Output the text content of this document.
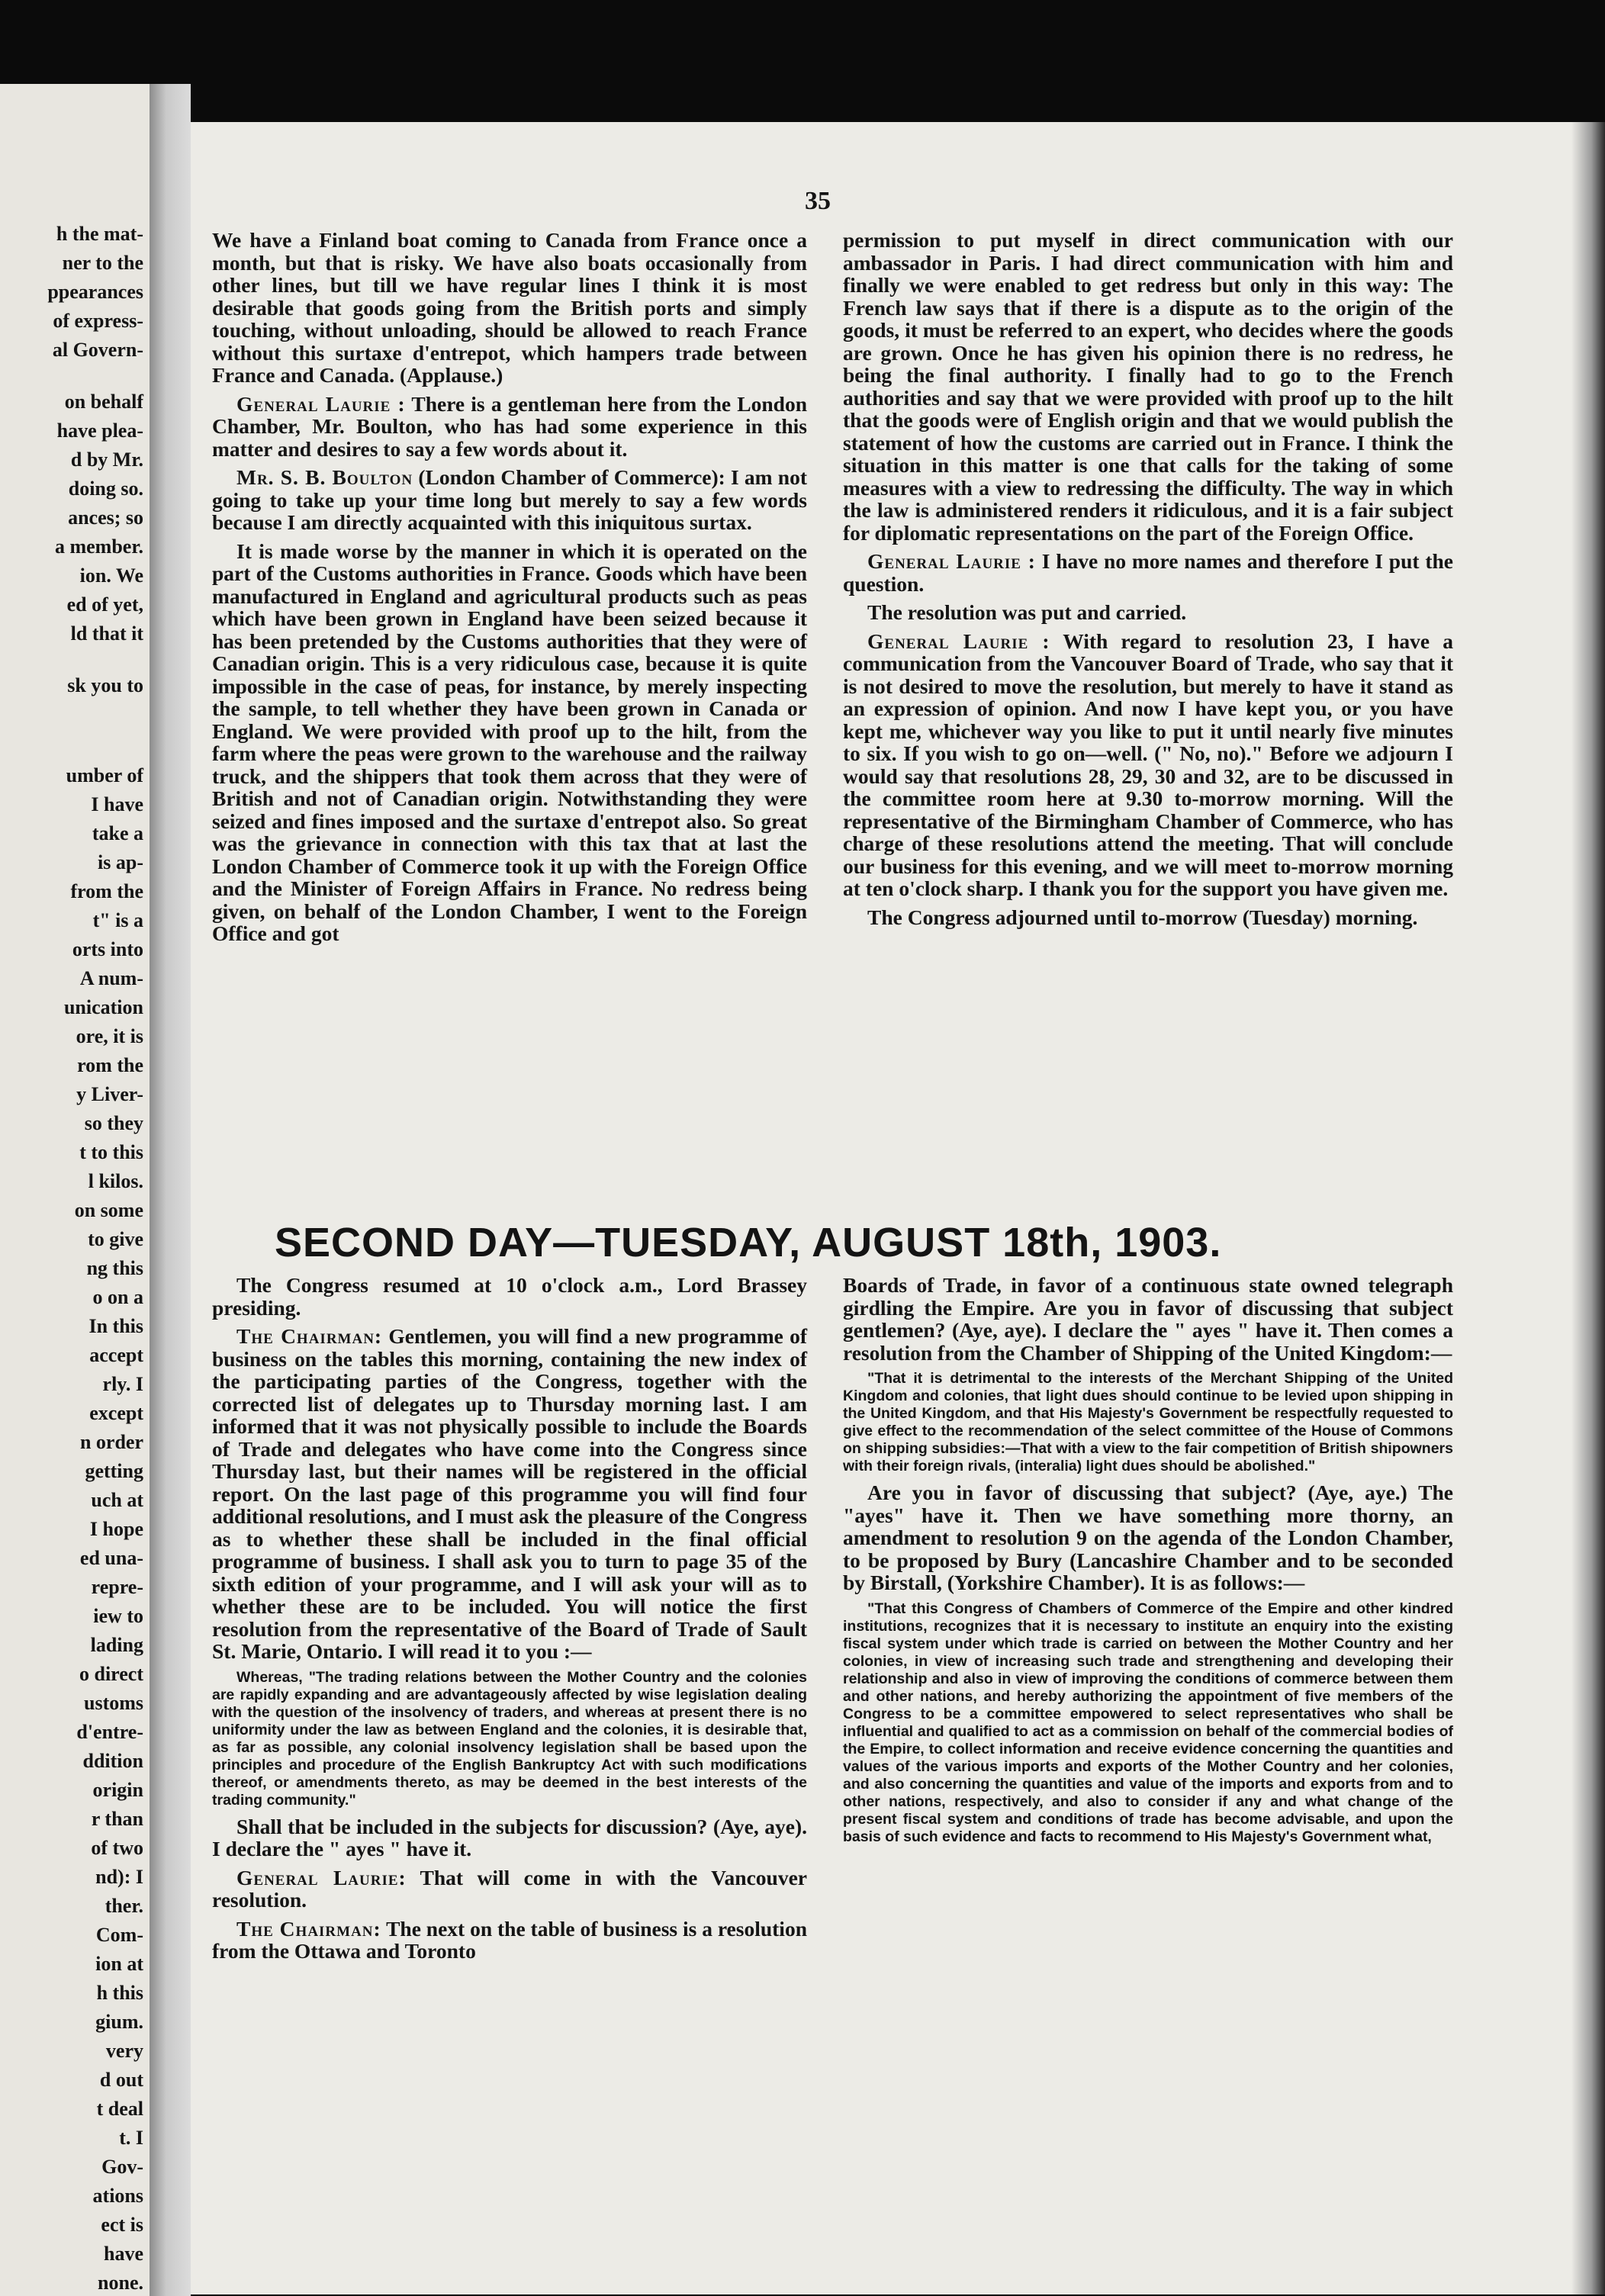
h the mat-
ner to the
ppearances
of express-
al Govern-
on behalf
have plea-
d by Mr.
doing so.
ances; so
a member.
ion. We
ed of yet,
ld that it
sk you to
umber of
I have
take a
is ap-
from the
t" is a
orts into
A num-
unication
ore, it is
rom the
y Liver-
so they
t to this
l kilos.
on some
to give
ng this
o on a
In this
accept
rly. I
except
n order
getting
uch at
I hope
ed una-
repre-
iew to
lading
o direct
ustoms
d'entre-
ddition
origin
r than
of two
nd): I
ther.
Com-
ion at
h this
gium.
very
d out
t deal
t. I
Gov-
ations
ect is
have
none.
35

We have a Finland boat coming to Canada from France once a month, but that is risky. We have also boats occasionally from other lines, but till we have regular lines I think it is most desirable that goods going from the British ports and simply touching, without unloading, should be allowed to reach France without this surtaxe d'entrepot, which hampers trade between France and Canada. (Applause.)

General Laurie : There is a gentleman here from the London Chamber, Mr. Boulton, who has had some experience in this matter and desires to say a few words about it.

Mr. S. B. Boulton (London Chamber of Commerce): I am not going to take up your time long but merely to say a few words because I am directly acquainted with this iniquitous surtax.

It is made worse by the manner in which it is operated on the part of the Customs authorities in France. Goods which have been manufactured in England and agricultural products such as peas which have been grown in England have been seized because it has been pretended by the Customs authorities that they were of Canadian origin. This is a very ridiculous case, because it is quite impossible in the case of peas, for instance, by merely inspecting the sample, to tell whether they have been grown in Canada or England. We were provided with proof up to the hilt, from the farm where the peas were grown to the warehouse and the railway truck, and the shippers that took them across that they were of British and not of Canadian origin. Notwithstanding they were seized and fines imposed and the surtaxe d'entrepot also. So great was the grievance in connection with this tax that at last the London Chamber of Commerce took it up with the Foreign Office and the Minister of Foreign Affairs in France. No redress being given, on behalf of the London Chamber, I went to the Foreign Office and got

permission to put myself in direct communication with our ambassador in Paris. I had direct communication with him and finally we were enabled to get redress but only in this way: The French law says that if there is a dispute as to the origin of the goods, it must be referred to an expert, who decides where the goods are grown. Once he has given his opinion there is no redress, he being the final authority. I finally had to go to the French authorities and say that we were provided with proof up to the hilt that the goods were of English origin and that we would publish the statement of how the customs are carried out in France. I think the situation in this matter is one that calls for the taking of some measures with a view to redressing the difficulty. The way in which the law is administered renders it ridiculous, and it is a fair subject for diplomatic representations on the part of the Foreign Office.

General Laurie : I have no more names and therefore I put the question.

The resolution was put and carried.

General Laurie : With regard to resolution 23, I have a communication from the Vancouver Board of Trade, who say that it is not desired to move the resolution, but merely to have it stand as an expression of opinion. And now I have kept you, or you have kept me, whichever way you like to put it until nearly five minutes to six. If you wish to go on—well. (" No, no)." Before we adjourn I would say that resolutions 28, 29, 30 and 32, are to be discussed in the committee room here at 9.30 to-morrow morning. Will the representative of the Birmingham Chamber of Commerce, who has charge of these resolutions attend the meeting. That will conclude our business for this evening, and we will meet to-morrow morning at ten o'clock sharp. I thank you for the support you have given me.

The Congress adjourned until to-morrow (Tuesday) morning.

SECOND DAY—TUESDAY, AUGUST 18th, 1903.

The Congress resumed at 10 o'clock a.m., Lord Brassey presiding.

The Chairman: Gentlemen, you will find a new programme of business on the tables this morning, containing the new index of the participating parties of the Congress, together with the corrected list of delegates up to Thursday morning last. I am informed that it was not physically possible to include the Boards of Trade and delegates who have come into the Congress since Thursday last, but their names will be registered in the official report. On the last page of this programme you will find four additional resolutions, and I must ask the pleasure of the Congress as to whether these shall be included in the final official programme of business. I shall ask you to turn to page 35 of the sixth edition of your programme, and I will ask your will as to whether these are to be included. You will notice the first resolution from the representative of the Board of Trade of Sault St. Marie, Ontario. I will read it to you :—

Whereas, "The trading relations between the Mother Country and the colonies are rapidly expanding and are advantageously affected by wise legislation dealing with the question of the insolvency of traders, and whereas at present there is no uniformity under the law as between England and the colonies, it is desirable that, as far as possible, any colonial insolvency legislation shall be based upon the principles and procedure of the English Bankruptcy Act with such modifications thereof, or amendments thereto, as may be deemed in the best interests of the trading community."

Shall that be included in the subjects for discussion? (Aye, aye). I declare the " ayes " have it.

General Laurie: That will come in with the Vancouver resolution.

The Chairman: The next on the table of business is a resolution from the Ottawa and Toronto

Boards of Trade, in favor of a continuous state owned telegraph girdling the Empire. Are you in favor of discussing that subject gentlemen? (Aye, aye). I declare the " ayes " have it. Then comes a resolution from the Chamber of Shipping of the United Kingdom:—

"That it is detrimental to the interests of the Merchant Shipping of the United Kingdom and colonies, that light dues should continue to be levied upon shipping in the United Kingdom, and that His Majesty's Government be respectfully requested to give effect to the recommendation of the select committee of the House of Commons on shipping subsidies:—That with a view to the fair competition of British shipowners with their foreign rivals, (interalia) light dues should be abolished."

Are you in favor of discussing that subject? (Aye, aye.) The "ayes" have it. Then we have something more thorny, an amendment to resolution 9 on the agenda of the London Chamber, to be proposed by Bury (Lancashire Chamber and to be seconded by Birstall, (Yorkshire Chamber). It is as follows:—

"That this Congress of Chambers of Commerce of the Empire and other kindred institutions, recognizes that it is necessary to institute an enquiry into the existing fiscal system under which trade is carried on between the Mother Country and her colonies, in view of increasing such trade and strengthening and developing their relationship and also in view of improving the conditions of commerce between them and other nations, and hereby authorizing the appointment of five members of the Congress to be a committee empowered to select representatives who shall be influential and qualified to act as a commission on behalf of the commercial bodies of the Empire, to collect information and receive evidence concerning the quantities and values of the various imports and exports of the Mother Country and her colonies, and also concerning the quantities and value of the imports and exports from and to other nations, respectively, and also to consider if any and what change of the present fiscal system and conditions of trade has become advisable, and upon the basis of such evidence and facts to recommend to His Majesty's Government what,
